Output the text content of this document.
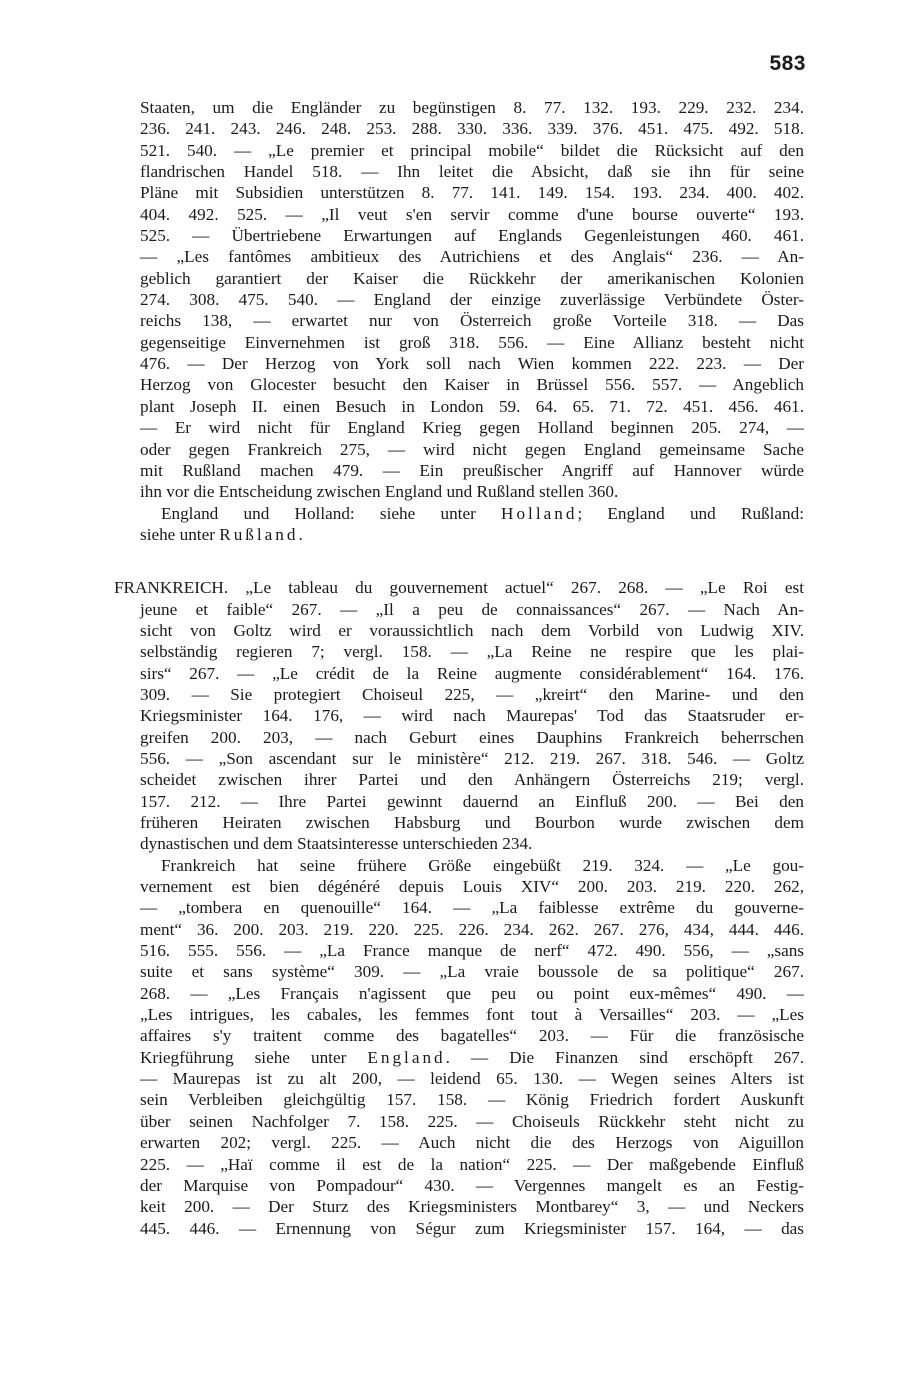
583
Staaten, um die Engländer zu begünstigen 8. 77. 132. 193. 229. 232. 234.
236. 241. 243. 246. 248. 253. 288. 330. 336. 339. 376. 451. 475. 492. 518.
521. 540. — „Le premier et principal mobile“ bildet die Rücksicht auf den
flandrischen Handel 518. — Ihn leitet die Absicht, daß sie ihn für seine
Pläne mit Subsidien unterstützen 8. 77. 141. 149. 154. 193. 234. 400. 402.
404. 492. 525. — „Il veut s'en servir comme d'une bourse ouverte“ 193.
525. — Übertriebene Erwartungen auf Englands Gegenleistungen 460. 461.
— „Les fantômes ambitieux des Autrichiens et des Anglais“ 236. — An-
geblich garantiert der Kaiser die Rückkehr der amerikanischen Kolonien
274. 308. 475. 540. — England der einzige zuverlässige Verbündete Öster-
reichs 138, — erwartet nur von Österreich große Vorteile 318. — Das
gegenseitige Einvernehmen ist groß 318. 556. — Eine Allianz besteht nicht
476. — Der Herzog von York soll nach Wien kommen 222. 223. — Der
Herzog von Glocester besucht den Kaiser in Brüssel 556. 557. — Angeblich
plant Joseph II. einen Besuch in London 59. 64. 65. 71. 72. 451. 456. 461.
— Er wird nicht für England Krieg gegen Holland beginnen 205. 274, —
oder gegen Frankreich 275, — wird nicht gegen England gemeinsame Sache
mit Rußland machen 479. — Ein preußischer Angriff auf Hannover würde
ihn vor die Entscheidung zwischen England und Rußland stellen 360.
England und Holland: siehe unter Holland; England und Rußland:
siehe unter Rußland.
FRANKREICH. „Le tableau du gouvernement actuel“ 267. 268. — „Le Roi est
jeune et faible“ 267. — „Il a peu de connaissances“ 267. — Nach An-
sicht von Goltz wird er voraussichtlich nach dem Vorbild von Ludwig XIV.
selbständig regieren 7; vergl. 158. — „La Reine ne respire que les plai-
sirs“ 267. — „Le crédit de la Reine augmente considérablement“ 164. 176.
309. — Sie protegiert Choiseul 225, — „kreirt“ den Marine- und den
Kriegsminister 164. 176, — wird nach Maurepas' Tod das Staatsruder er-
greifen 200. 203, — nach Geburt eines Dauphins Frankreich beherrschen
556. — „Son ascendant sur le ministère“ 212. 219. 267. 318. 546. — Goltz
scheidet zwischen ihrer Partei und den Anhängern Österreichs 219; vergl.
157. 212. — Ihre Partei gewinnt dauernd an Einfluß 200. — Bei den
früheren Heiraten zwischen Habsburg und Bourbon wurde zwischen dem
dynastischen und dem Staatsinteresse unterschieden 234.
Frankreich hat seine frühere Größe eingebüßt 219. 324. — „Le gou-
vernement est bien dégénéré depuis Louis XIV“ 200. 203. 219. 220. 262,
— „tombera en quenouille“ 164. — „La faiblesse extrême du gouverne-
ment“ 36. 200. 203. 219. 220. 225. 226. 234. 262. 267. 276, 434, 444. 446.
516. 555. 556. — „La France manque de nerf“ 472. 490. 556, — „sans
suite et sans système“ 309. — „La vraie boussole de sa politique“ 267.
268. — „Les Français n'agissent que peu ou point eux-mêmes“ 490. —
„Les intrigues, les cabales, les femmes font tout à Versailles“ 203. — „Les
affaires s'y traitent comme des bagatelles“ 203. — Für die französische
Kriegführung siehe unter England. — Die Finanzen sind erschöpft 267.
— Maurepas ist zu alt 200, — leidend 65. 130. — Wegen seines Alters ist
sein Verbleiben gleichgültig 157. 158. — König Friedrich fordert Auskunft
über seinen Nachfolger 7. 158. 225. — Choiseuls Rückkehr steht nicht zu
erwarten 202; vergl. 225. — Auch nicht die des Herzogs von Aiguillon
225. — „Haï comme il est de la nation“ 225. — Der maßgebende Einfluß
der Marquise von Pompadour“ 430. — Vergennes mangelt es an Festig-
keit 200. — Der Sturz des Kriegsministers Montbarey“ 3, — und Neckers
445. 446. — Ernennung von Ségur zum Kriegsminister 157. 164, — das
